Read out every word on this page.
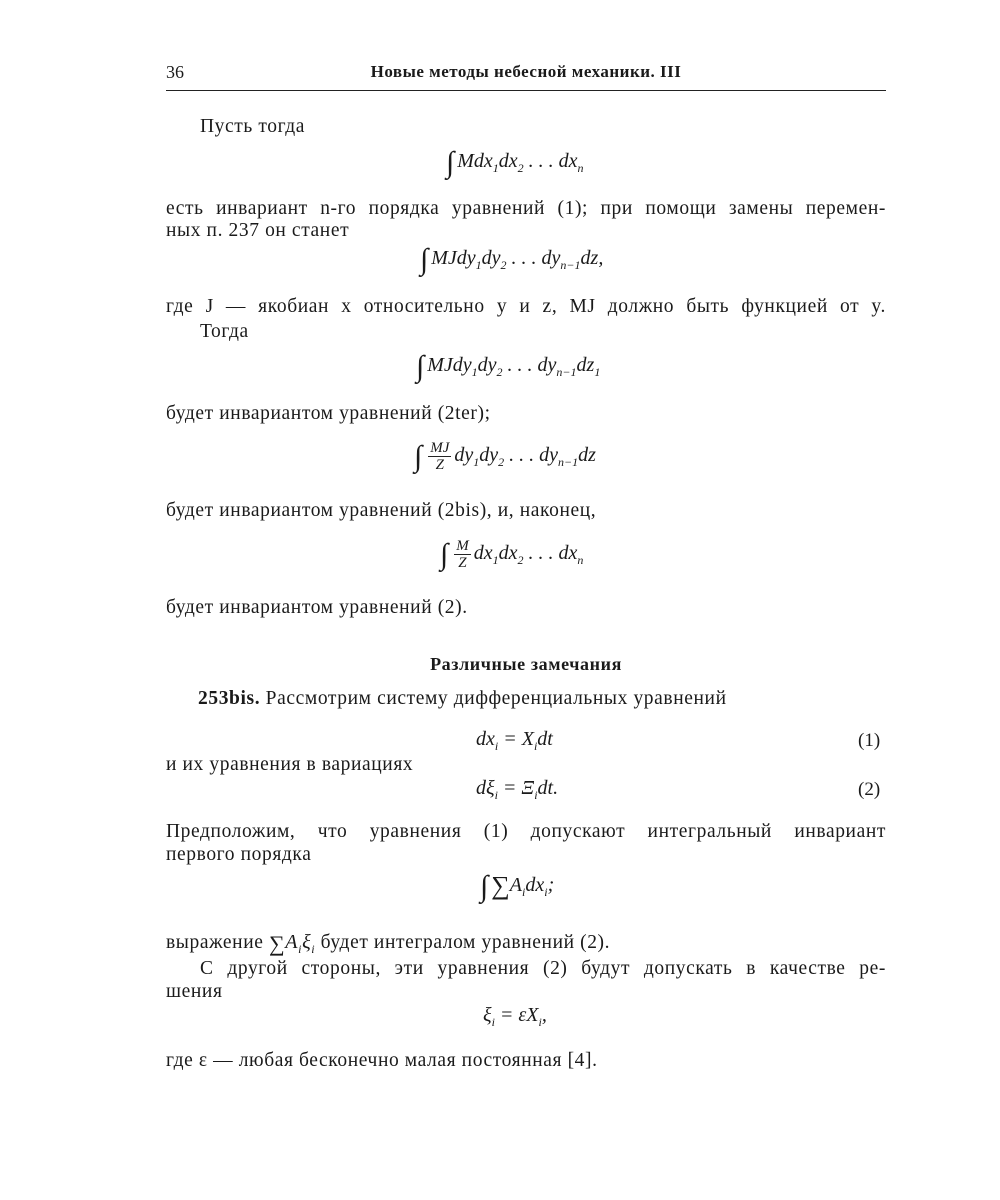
36	Новые методы небесной механики. III
Пусть тогда
∫ $Mdx_1dx_2$ . . . $dx_n$
есть инвариант n-го порядка уравнений (1); при помощи замены перемен-
ных п. 237 он станет
∫ $MJdy_1dy_2$ . . . $dy_{n-1}dz$,
где J — якобиан x относительно y и z, MJ должно быть функцией от y.
Тогда
∫ $MJdy_1dy_2$ . . . $dy_{n-1}dz_1$
будет инвариантом уравнений (2ter);
∫ $\frac{MJ}{Z} dy_1dy_2$ . . . $dy_{n-1}dz$
будет инвариантом уравнений (2bis), и, наконец,
∫ $\frac{M}{Z} dx_1dx_2$ . . . $dx_n$
будет инвариантом уравнений (2).
Различные замечания
253bis. Рассмотрим систему дифференциальных уравнений
$dx_i = X_idt$	(1)
и их уравнения в вариациях
$d\xi_i = \Xi_idt$.	(2)
Предположим, что уравнения (1) допускают интегральный инвариант
первого порядка
∫ $\sum A_idx_i$;
выражение $\sum A_i\xi_i$ будет интегралом уравнений (2).
С другой стороны, эти уравнения (2) будут допускать в качестве ре-
шения
$\xi_i = \varepsilon X_i$,
где ε — любая бесконечно малая постоянная [4].
